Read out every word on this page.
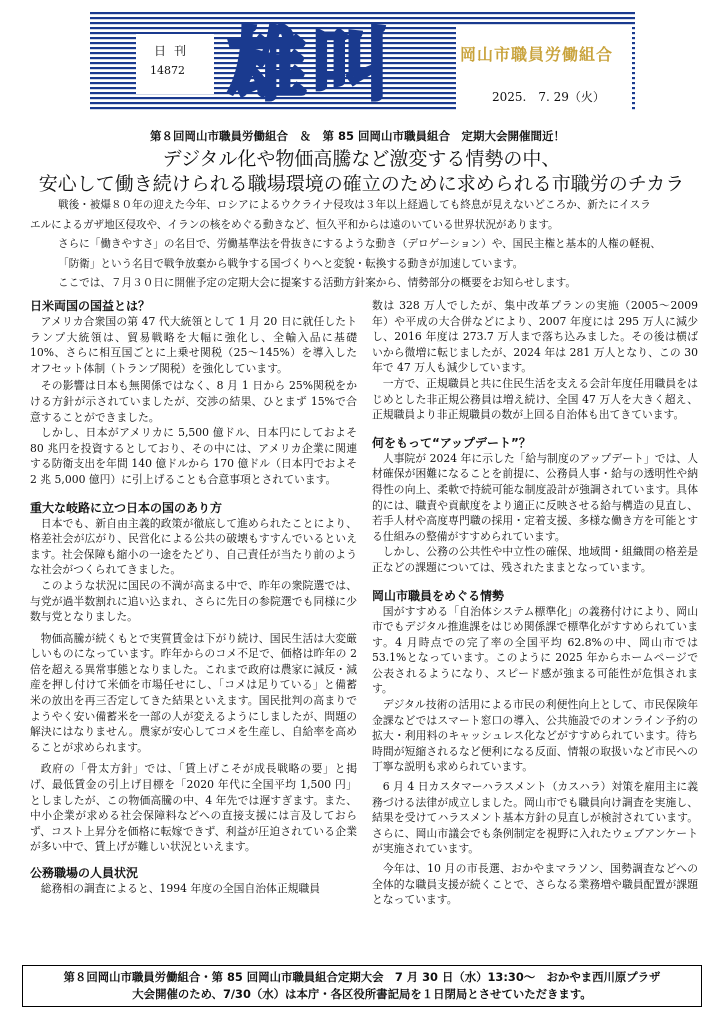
日刊
14872 雄叫	岡山市職員労働組合
2025.　7. 29（火）
第８回岡山市職員労働組合　＆　第 85 回岡山市職員組合　定期大会開催間近！
デジタル化や物価高騰など激変する情勢の中、
安心して働き続けられる職場環境の確立のために求められる市職労のチカラ

戦後・被爆８０年の迎えた今年、ロシアによるウクライナ侵攻は３年以上経過しても終息が見えないどころか、新たにイスラ

エルによるガザ地区侵攻や、イランの核をめぐる動きなど、恒久平和からは遠のいている世界状況があります。

さらに「働きやすさ」の名目で、労働基準法を骨抜きにするような動き（デロゲーション）や、国民主権と基本的人権の軽視、

「防衛」という名目で戦争放棄から戦争する国づくりへと変貌・転換する動きが加速しています。

ここでは、７月３０日に開催予定の定期大会に提案する活動方針案から、情勢部分の概要をお知らせします。

日米両国の国益とは？

アメリカ合衆国の第 47 代大統領として 1 月 20 日に就任したトランプ大統領は、貿易戦略を大幅に強化し、全輸入品に基礎 10%、さらに相互国ごとに上乗せ関税（25～145%）を導入したオフセット体制（トランプ関税）を強化しています。

その影響は日本も無関係ではなく、8 月 1 日から 25%関税をかける方針が示されていましたが、交渉の結果、ひとまず 15%で合意することができました。

しかし、日本がアメリカに 5,500 億ドル、日本円にしておよそ 80 兆円を投資するとしており、その中には、アメリカ企業に関連する防衛支出を年間 140 億ドルから 170 億ドル（日本円でおよそ 2 兆 5,000 億円）に引上げることも合意事項とされています。

重大な岐路に立つ日本の国のあり方

日本でも、新自由主義的政策が徹底して進められたことにより、格差社会が広がり、民営化による公共の破壊もすすんでいるといえます。社会保障も縮小の一途をたどり、自己責任が当たり前のような社会がつくられてきました。

このような状況に国民の不満が高まる中で、昨年の衆院選では、与党が過半数割れに追い込まれ、さらに先日の参院選でも同様に少数与党となりました。

物価高騰が続くもとで実質賃金は下がり続け、国民生活は大変厳しいものになっています。昨年からのコメ不足で、価格は昨年の 2 倍を超える異常事態となりました。これまで政府は農家に減反・減産を押し付けて米価を市場任せにし、「コメは足りている」と備蓄米の放出を再三否定してきた結果といえます。国民批判の高まりでようやく安い備蓄米を一部の人が変えるようにしましたが、問題の解決にはなりません。農家が安心してコメを生産し、自給率を高めることが求められます。

政府の「骨太方針」では、「賃上げこそが成長戦略の要」と掲げ、最低賃金の引上げ目標を「2020 年代に全国平均 1,500 円」としましたが、この物価高騰の中、4 年先では遅すぎます。また、中小企業が求める社会保障料などへの直接支援には言及しておらず、コスト上昇分を価格に転嫁できず、利益が圧迫されている企業が多い中で、賃上げが難しい状況といえます。

公務職場の人員状況

総務相の調査によると、1994 年度の全国自治体正規職員

数は 328 万人でしたが、集中改革プランの実施（2005～2009 年）や平成の大合併などにより、2007 年度には 295 万人に減少し、2016 年度は 273.7 万人まで落ち込みました。その後は横ばいから微増に転じましたが、2024 年は 281 万人となり、この 30 年で 47 万人も減少しています。

一方で、正規職員と共に住民生活を支える会計年度任用職員をはじめとした非正規公務員は増え続け、全国 47 万人を大きく超え、正規職員より非正規職員の数が上回る自治体も出てきています。

何をもって“アップデート”？

人事院が 2024 年に示した「給与制度のアップデート」では、人材確保が困難になることを前提に、公務員人事・給与の透明性や納得性の向上、柔軟で持続可能な制度設計が強調されています。具体的には、職責や貢献度をより適正に反映させる給与構造の見直し、若手人材や高度専門職の採用・定着支援、多様な働き方を可能とする仕組みの整備がすすめられています。

しかし、公務の公共性や中立性の確保、地域間・組織間の格差是正などの課題については、残されたままとなっています。

岡山市職員をめぐる情勢

国がすすめる「自治体システム標準化」の義務付けにより、岡山市でもデジタル推進課をはじめ関係課で標準化がすすめられています。4 月時点での完了率の全国平均 62.8%の中、岡山市では 53.1%となっています。このように 2025 年からホームページで公表されるようになり、スピード感が強まる可能性が危惧されます。

デジタル技術の活用による市民の利便性向上として、市民保険年金課などではスマート窓口の導入、公共施設でのオンライン予約の拡大・利用料のキャッシュレス化などがすすめられています。待ち時間が短縮されるなど便利になる反面、情報の取扱いなど市民への丁寧な説明も求められています。

6 月 4 日カスタマーハラスメント（カスハラ）対策を雇用主に義務づける法律が成立しました。岡山市でも職員向け調査を実施し、結果を受けてハラスメント基本方針の見直しが検討されています。さらに、岡山市議会でも条例制定を視野に入れたウェブアンケートが実施されています。

今年は、10 月の市長選、おかやまマラソン、国勢調査などへの全体的な職員支援が続くことで、さらなる業務増や職員配置が課題となっています。

第８回岡山市職員労働組合・第 85 回岡山市職員組合定期大会　7 月 30 日（水）13:30～　おかやま西川原プラザ
大会開催のため、7/30（水）は本庁・各区役所書記局を１日閉局とさせていただきます。
